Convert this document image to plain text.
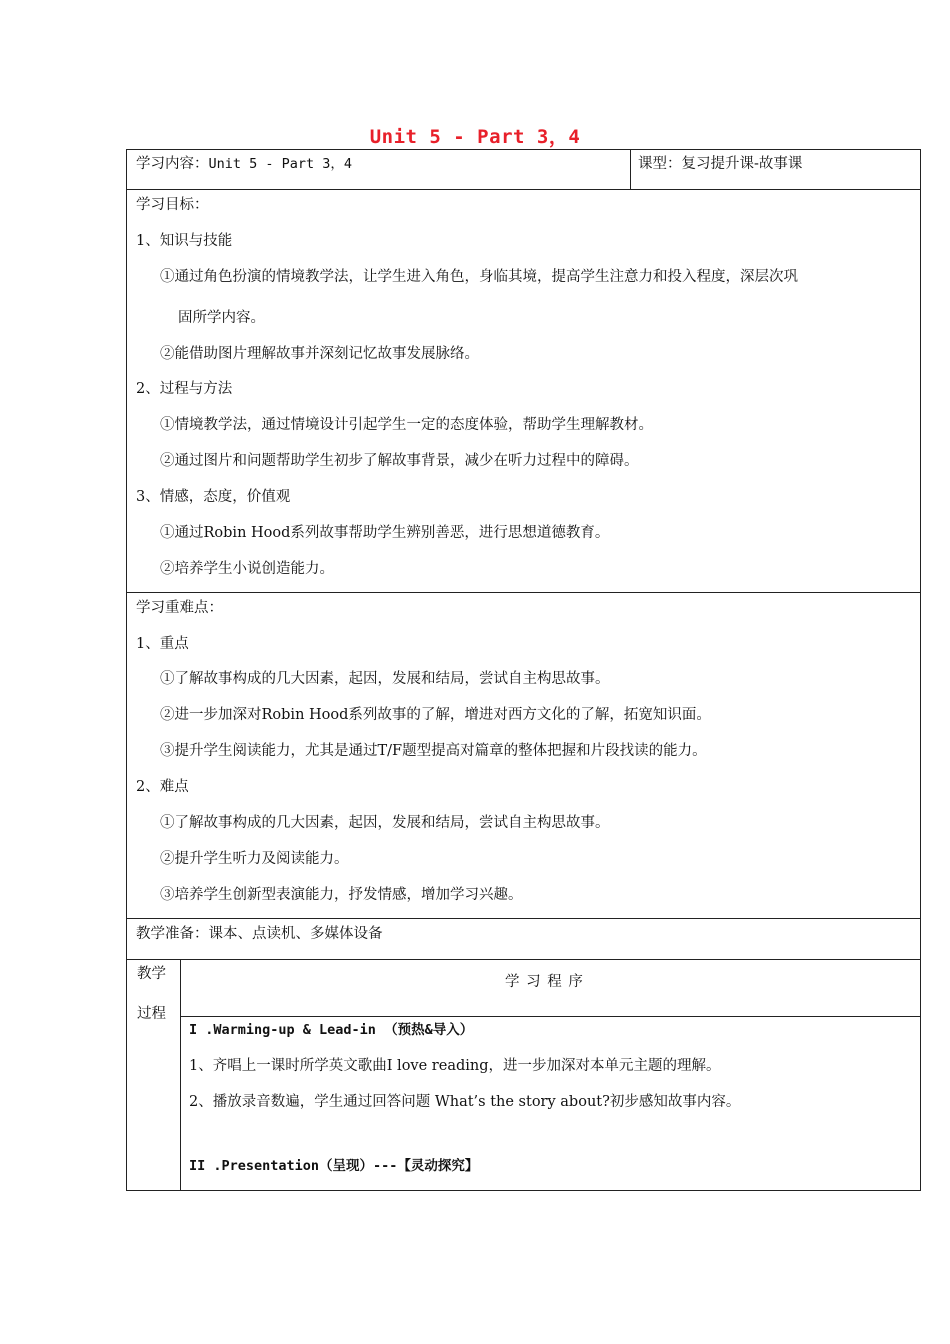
Unit 5 - Part 3，4
学习内容：Unit 5 - Part 3，4	课型：复习提升课-故事课
学习目标：
1、知识与技能
①通过角色扮演的情境教学法，让学生进入角色，身临其境，提高学生注意力和投入程度，深层次巩
固所学内容。
②能借助图片理解故事并深刻记忆故事发展脉络。
2、过程与方法
①情境教学法，通过情境设计引起学生一定的态度体验，帮助学生理解教材。
②通过图片和问题帮助学生初步了解故事背景，减少在听力过程中的障碍。
3、情感，态度，价值观
①通过Robin Hood系列故事帮助学生辨别善恶，进行思想道德教育。
②培养学生小说创造能力。
学习重难点：
1、重点
①了解故事构成的几大因素，起因，发展和结局，尝试自主构思故事。
②进一步加深对Robin Hood系列故事的了解，增进对西方文化的了解，拓宽知识面。
③提升学生阅读能力，尤其是通过T/F题型提高对篇章的整体把握和片段找读的能力。
2、难点
①了解故事构成的几大因素，起因，发展和结局，尝试自主构思故事。
②提升学生听力及阅读能力。
③培养学生创新型表演能力，抒发情感，增加学习兴趣。
教学准备：课本、点读机、多媒体设备
教学
过程
学 习 程 序
I .Warming-up & Lead-in （预热&导入）
1、齐唱上一课时所学英文歌曲I love reading，进一步加深对本单元主题的理解。
2、播放录音数遍，学生通过回答问题 What’s the story about?初步感知故事内容。
II .Presentation（呈现）---【灵动探究】
